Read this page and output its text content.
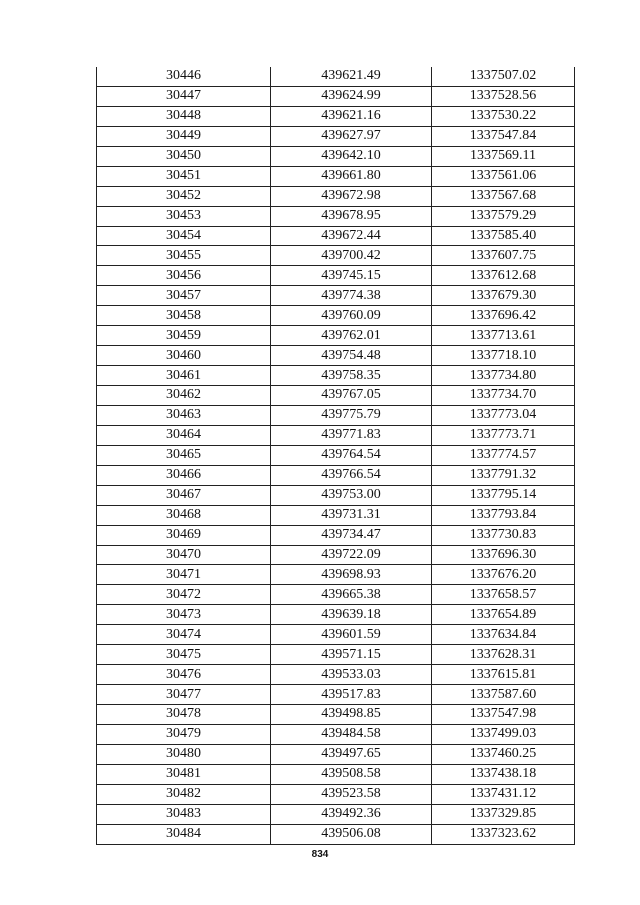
30446	439621.49	1337507.02
30447	439624.99	1337528.56
30448	439621.16	1337530.22
30449	439627.97	1337547.84
30450	439642.10	1337569.11
30451	439661.80	1337561.06
30452	439672.98	1337567.68
30453	439678.95	1337579.29
30454	439672.44	1337585.40
30455	439700.42	1337607.75
30456	439745.15	1337612.68
30457	439774.38	1337679.30
30458	439760.09	1337696.42
30459	439762.01	1337713.61
30460	439754.48	1337718.10
30461	439758.35	1337734.80
30462	439767.05	1337734.70
30463	439775.79	1337773.04
30464	439771.83	1337773.71
30465	439764.54	1337774.57
30466	439766.54	1337791.32
30467	439753.00	1337795.14
30468	439731.31	1337793.84
30469	439734.47	1337730.83
30470	439722.09	1337696.30
30471	439698.93	1337676.20
30472	439665.38	1337658.57
30473	439639.18	1337654.89
30474	439601.59	1337634.84
30475	439571.15	1337628.31
30476	439533.03	1337615.81
30477	439517.83	1337587.60
30478	439498.85	1337547.98
30479	439484.58	1337499.03
30480	439497.65	1337460.25
30481	439508.58	1337438.18
30482	439523.58	1337431.12
30483	439492.36	1337329.85
30484	439506.08	1337323.62
834
